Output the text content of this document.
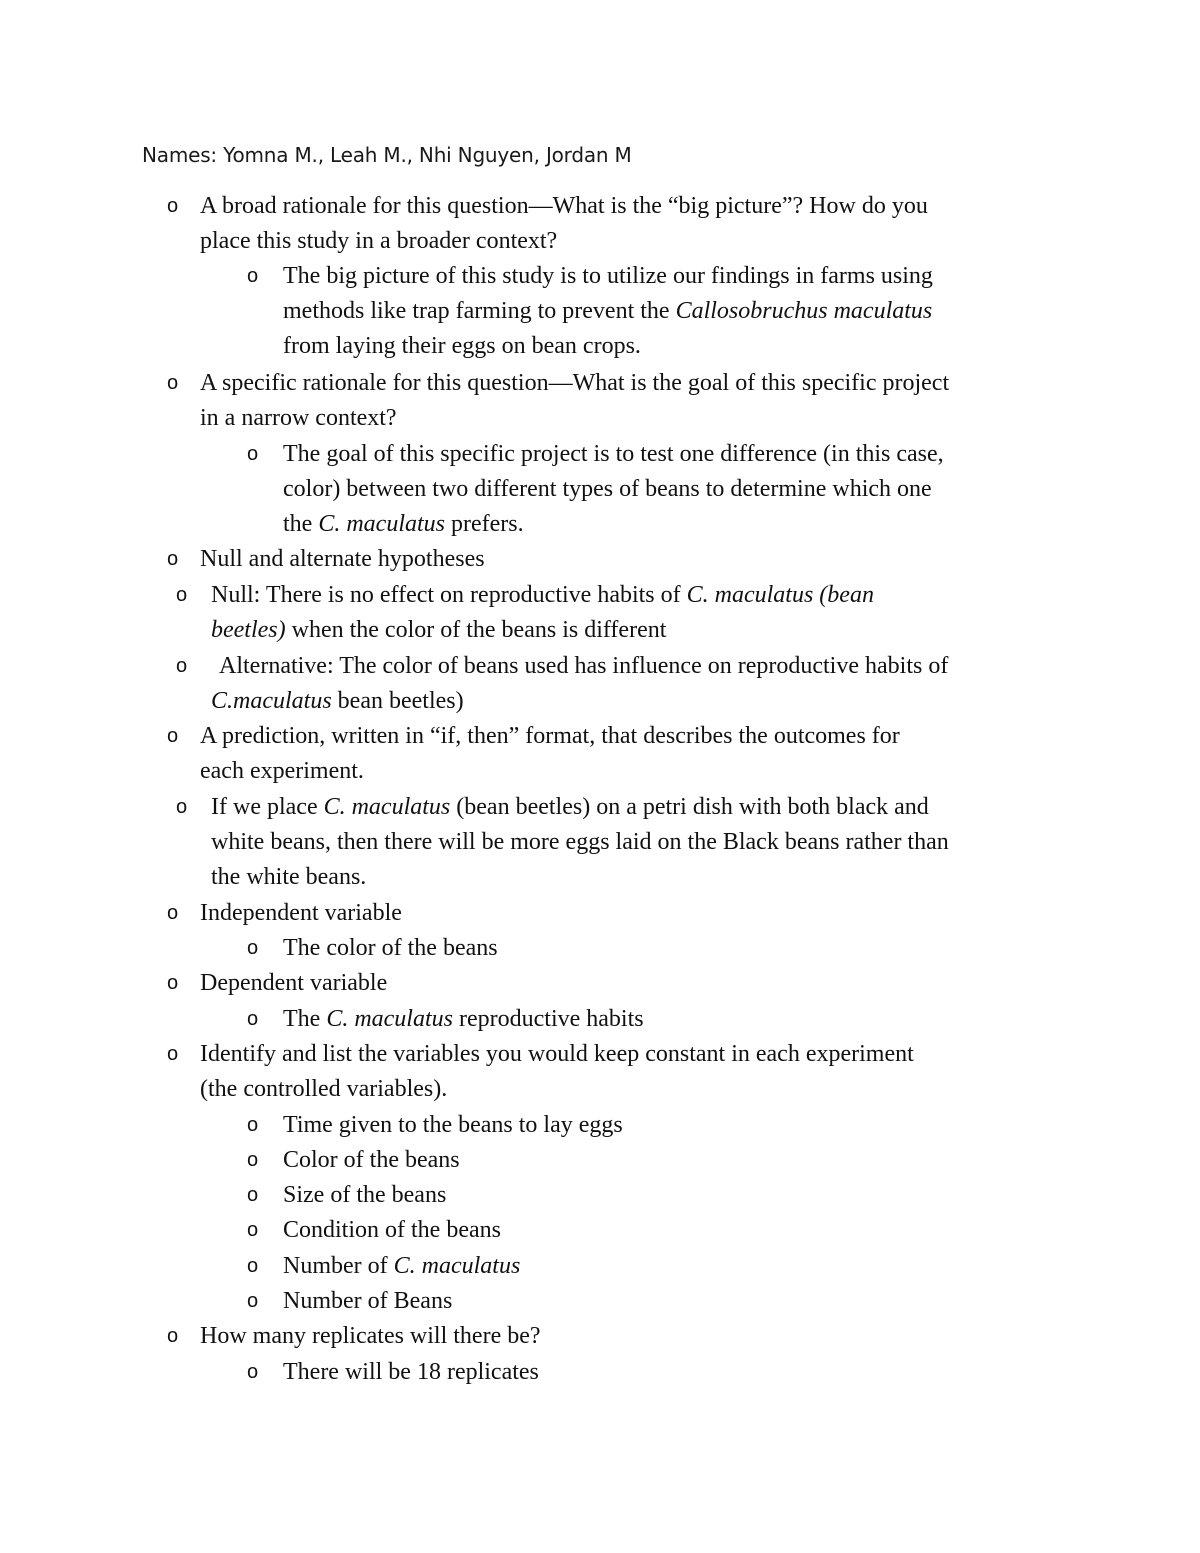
Names: Yomna M., Leah M., Nhi Nguyen, Jordan M
o A broad rationale for this question—What is the “big picture”? How do you
place this study in a broader context?
o The big picture of this study is to utilize our findings in farms using
methods like trap farming to prevent the Callosobruchus maculatus
from laying their eggs on bean crops.
o A specific rationale for this question—What is the goal of this specific project
in a narrow context?
o The goal of this specific project is to test one difference (in this case,
color) between two different types of beans to determine which one
the C. maculatus prefers.
o Null and alternate hypotheses
o Null: There is no effect on reproductive habits of C. maculatus (bean
beetles) when the color of the beans is different
o Alternative: The color of beans used has influence on reproductive habits of
C.maculatus bean beetles)
o A prediction, written in “if, then” format, that describes the outcomes for
each experiment.
o If we place C. maculatus (bean beetles) on a petri dish with both black and
white beans, then there will be more eggs laid on the Black beans rather than
the white beans.
o Independent variable
o The color of the beans
o Dependent variable
o The C. maculatus reproductive habits
o Identify and list the variables you would keep constant in each experiment
(the controlled variables).
o Time given to the beans to lay eggs
o Color of the beans
o Size of the beans
o Condition of the beans
o Number of C. maculatus
o Number of Beans
o How many replicates will there be?
o There will be 18 replicates
